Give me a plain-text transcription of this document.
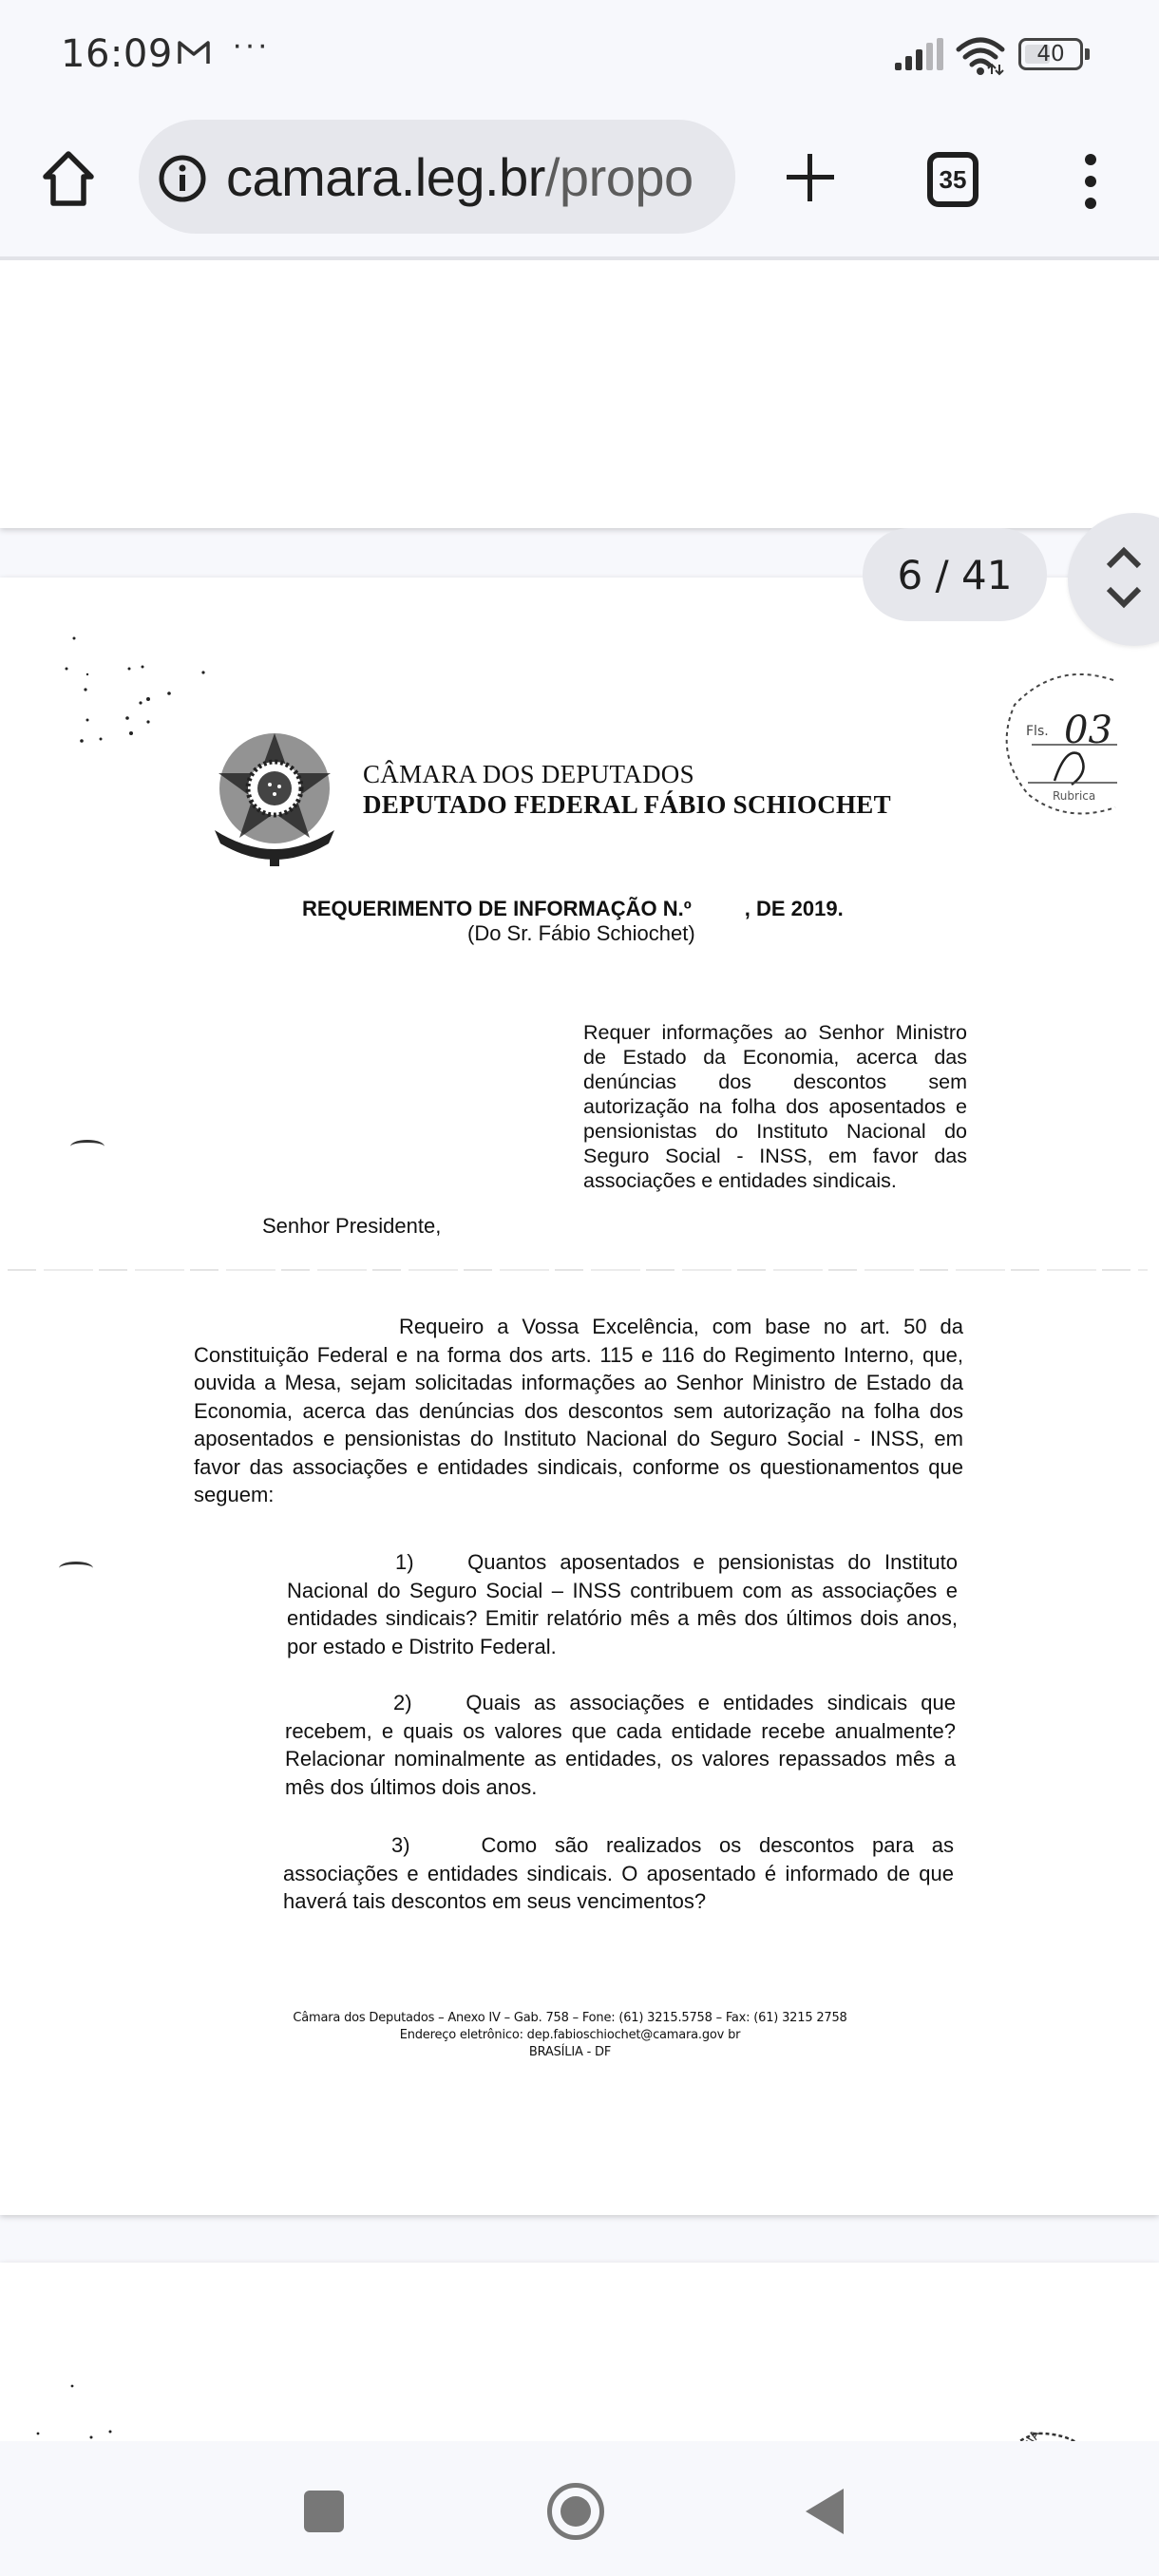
16:09 ···	40
camara.leg.br/propo	35
6 / 41
CÂMARA DOS DEPUTADOS
DEPUTADO FEDERAL FÁBIO SCHIOCHET
Fls. 03
Rubrica
REQUERIMENTO DE INFORMAÇÃO N.º	, DE 2019.
(Do Sr. Fábio Schiochet)
Requer informações ao Senhor Ministro de Estado da Economia, acerca das denúncias dos descontos sem autorização na folha dos aposentados e pensionistas do Instituto Nacional do Seguro Social - INSS, em favor das associações e entidades sindicais.
Senhor Presidente,
Requeiro a Vossa Excelência, com base no art. 50 da Constituição Federal e na forma dos arts. 115 e 116 do Regimento Interno, que, ouvida a Mesa, sejam solicitadas informações ao Senhor Ministro de Estado da Economia, acerca das denúncias dos descontos sem autorização na folha dos aposentados e pensionistas do Instituto Nacional do Seguro Social - INSS, em favor das associações e entidades sindicais, conforme os questionamentos que seguem:
1)	Quantos aposentados e pensionistas do Instituto Nacional do Seguro Social – INSS contribuem com as associações e entidades sindicais? Emitir relatório mês a mês dos últimos dois anos, por estado e Distrito Federal.
2)	Quais as associações e entidades sindicais que recebem, e quais os valores que cada entidade recebe anualmente? Relacionar nominalmente as entidades, os valores repassados mês a mês dos últimos dois anos.
3)	Como são realizados os descontos para as associações e entidades sindicais. O aposentado é informado de que haverá tais descontos em seus vencimentos?
Câmara dos Deputados – Anexo IV – Gab. 758 – Fone: (61) 3215.5758 – Fax: (61) 3215 2758
Endereço eletrônico: dep.fabioschiochet@camara.gov br
BRASÍLIA - DF
